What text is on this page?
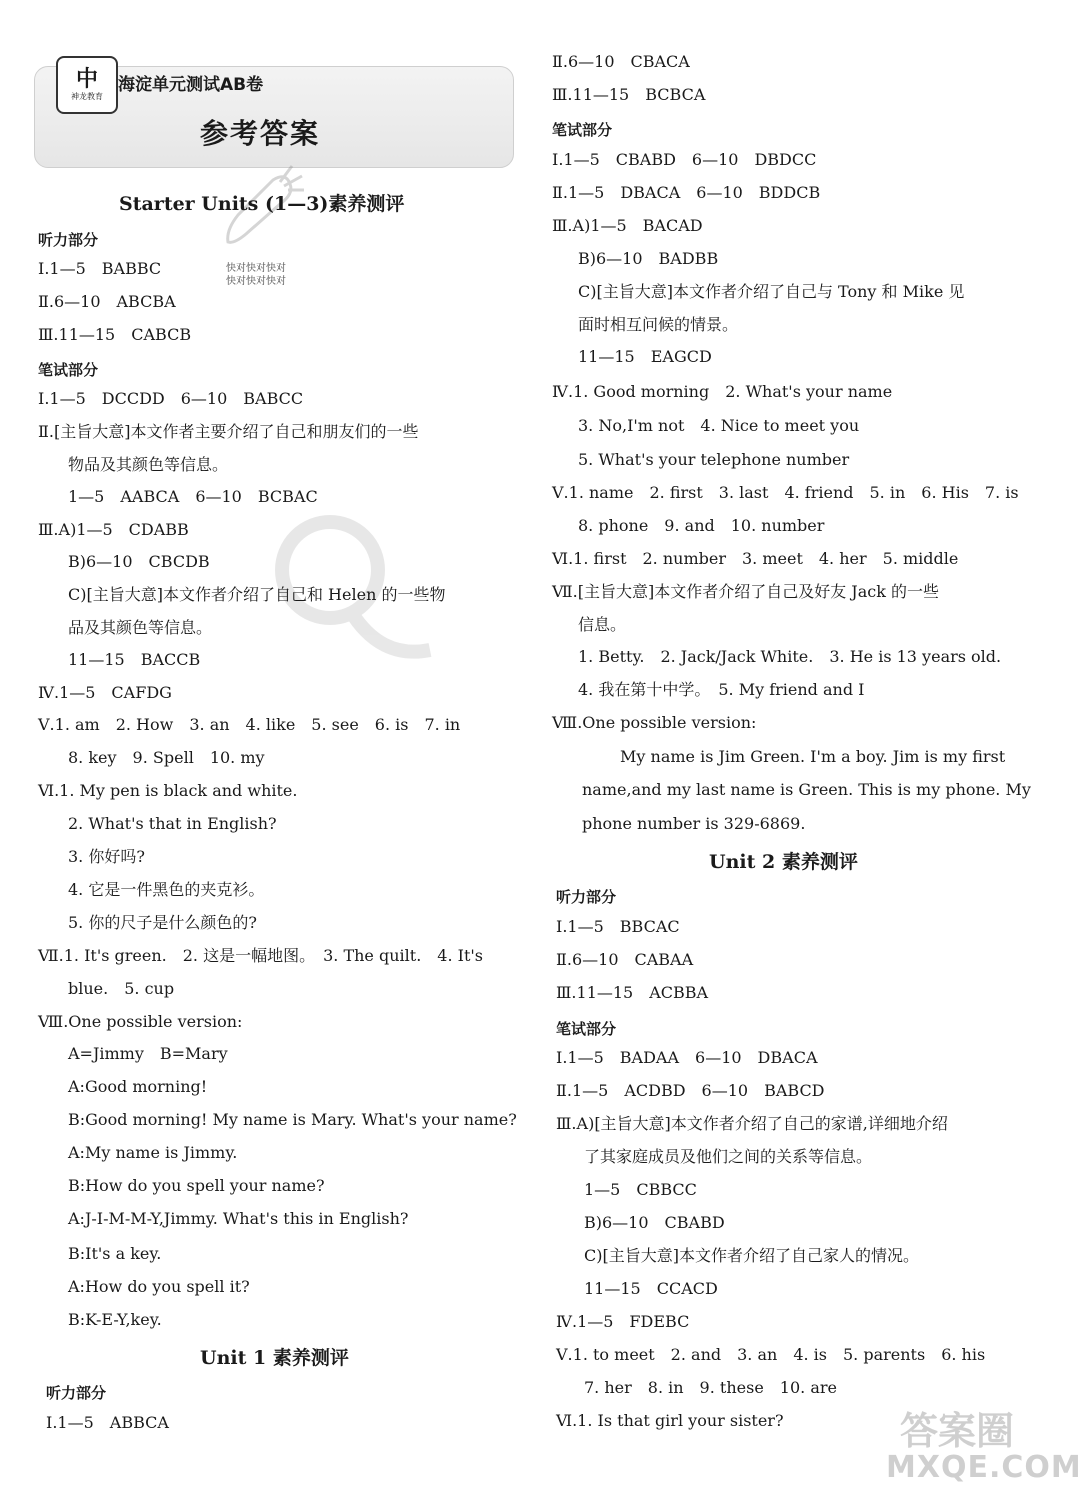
中
神龙教育
海淀单元测试AB卷
参考答案
快对快对快对
快对快对快对
Starter Units (1—3)素养测评
听力部分
Ⅰ.1—5　BABBC
Ⅱ.6—10　ABCBA
Ⅲ.11—15　CABCB
笔试部分
Ⅰ.1—5　DCCDD　6—10　BABCC
Ⅱ.[主旨大意]本文作者主要介绍了自己和朋友们的一些
物品及其颜色等信息。
1—5　AABCA　6—10　BCBAC
Ⅲ.A)1—5　CDABB
B)6—10　CBCDB
C)[主旨大意]本文作者介绍了自己和 Helen 的一些物
品及其颜色等信息。
11—15　BACCB
Ⅳ.1—5　CAFDG
Ⅴ.1. am　2. How　3. an　4. like　5. see　6. is　7. in
8. key　9. Spell　10. my
Ⅵ.1. My pen is black and white.
2. What's that in English?
3. 你好吗?
4. 它是一件黑色的夹克衫。
5. 你的尺子是什么颜色的?
Ⅶ.1. It's green.　2. 这是一幅地图。　3. The quilt.　4. It's
blue.　5. cup
Ⅷ.One possible version:
A=Jimmy　B=Mary
A:Good morning!
B:Good morning! My name is Mary. What's your name?
A:My name is Jimmy.
B:How do you spell your name?
A:J-I-M-M-Y,Jimmy. What's this in English?
B:It's a key.
A:How do you spell it?
B:K-E-Y,key.
Unit 1 素养测评
听力部分
Ⅰ.1—5　ABBCA
Ⅱ.6—10　CBACA
Ⅲ.11—15　BCBCA
笔试部分
Ⅰ.1—5　CBABD　6—10　DBDCC
Ⅱ.1—5　DBACA　6—10　BDDCB
Ⅲ.A)1—5　BACAD
B)6—10　BADBB
C)[主旨大意]本文作者介绍了自己与 Tony 和 Mike 见
面时相互问候的情景。
11—15　EAGCD
Ⅳ.1. Good morning　2. What's your name
3. No,I'm not　4. Nice to meet you
5. What's your telephone number
Ⅴ.1. name　2. first　3. last　4. friend　5. in　6. His　7. is
8. phone　9. and　10. number
Ⅵ.1. first　2. number　3. meet　4. her　5. middle
Ⅶ.[主旨大意]本文作者介绍了自己及好友 Jack 的一些
信息。
1. Betty.　2. Jack/Jack White.　3. He is 13 years old.
4. 我在第十中学。　5. My friend and I
Ⅷ.One possible version:
My name is Jim Green. I'm a boy. Jim is my first
name,and my last name is Green. This is my phone. My
phone number is 329-6869.
Unit 2 素养测评
听力部分
Ⅰ.1—5　BBCAC
Ⅱ.6—10　CABAA
Ⅲ.11—15　ACBBA
笔试部分
Ⅰ.1—5　BADAA　6—10　DBACA
Ⅱ.1—5　ACDBD　6—10　BABCD
Ⅲ.A)[主旨大意]本文作者介绍了自己的家谱,详细地介绍
了其家庭成员及他们之间的关系等信息。
1—5　CBBCC
B)6—10　CBABD
C)[主旨大意]本文作者介绍了自己家人的情况。
11—15　CCACD
Ⅳ.1—5　FDEBC
Ⅴ.1. to meet　2. and　3. an　4. is　5. parents　6. his
7. her　8. in　9. these　10. are
Ⅵ.1. Is that girl your sister?	答案圈
MXQE.COM
